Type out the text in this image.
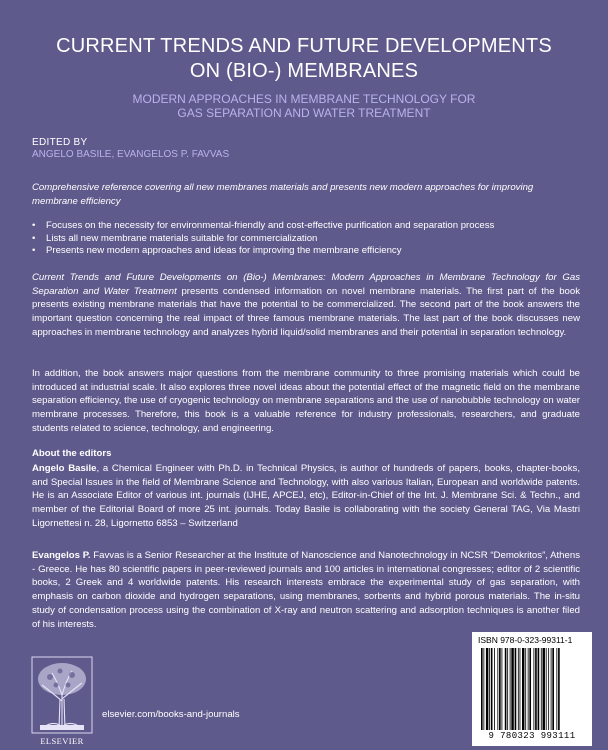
CURRENT TRENDS AND FUTURE DEVELOPMENTS
ON (BIO-) MEMBRANES

MODERN APPROACHES IN MEMBRANE TECHNOLOGY FOR
GAS SEPARATION AND WATER TREATMENT

EDITED BY

ANGELO BASILE, EVANGELOS P. FAVVAS

Comprehensive reference covering all new membranes materials and presents new modern approaches for improving membrane efficiency

• Focuses on the necessity for environmental-friendly and cost-effective purification and separation process
• Lists all new membrane materials suitable for commercialization
• Presents new modern approaches and ideas for improving the membrane efficiency

Current Trends and Future Developments on (Bio-) Membranes: Modern Approaches in Membrane Technology for Gas Separation and Water Treatment presents condensed information on novel membrane materials. The first part of the book presents existing membrane materials that have the potential to be commercialized. The second part of the book answers the important question concerning the real impact of three famous membrane materials. The last part of the book discusses new approaches in membrane technology and analyzes hybrid liquid/solid membranes and their potential in separation technology.

In addition, the book answers major questions from the membrane community to three promising materials which could be introduced at industrial scale. It also explores three novel ideas about the potential effect of the magnetic field on the membrane separation efficiency, the use of cryogenic technology on membrane separations and the use of nanobubble technology on water membrane processes. Therefore, this book is a valuable reference for industry professionals, researchers, and graduate students related to science, technology, and engineering.

About the editors

Angelo Basile, a Chemical Engineer with Ph.D. in Technical Physics, is author of hundreds of papers, books, chapter-books, and Special Issues in the field of Membrane Science and Technology, with also various Italian, European and worldwide patents. He is an Associate Editor of various int. journals (IJHE, APCEJ, etc), Editor-in-Chief of the Int. J. Membrane Sci. & Techn., and member of the Editorial Board of more 25 int. journals. Today Basile is collaborating with the society General TAG, Via Mastri Ligornettesi n. 28, Ligornetto 6853 – Switzerland

Evangelos P. Favvas is a Senior Researcher at the Institute of Nanoscience and Nanotechnology in NCSR “Demokritos”, Athens - Greece. He has 80 scientific papers in peer-reviewed journals and 100 articles in international congresses; editor of 2 scientific books, 2 Greek and 4 worldwide patents. His research interests embrace the experimental study of gas separation, with emphasis on carbon dioxide and hydrogen separations, using membranes, sorbents and hybrid porous materials. The in-situ study of condensation process using the combination of X-ray and neutron scattering and adsorption techniques is another filed of his interests.

ELSEVIER
elsevier.com/books-and-journals
ISBN 978-0-323-99311-1
9 780323 993111
